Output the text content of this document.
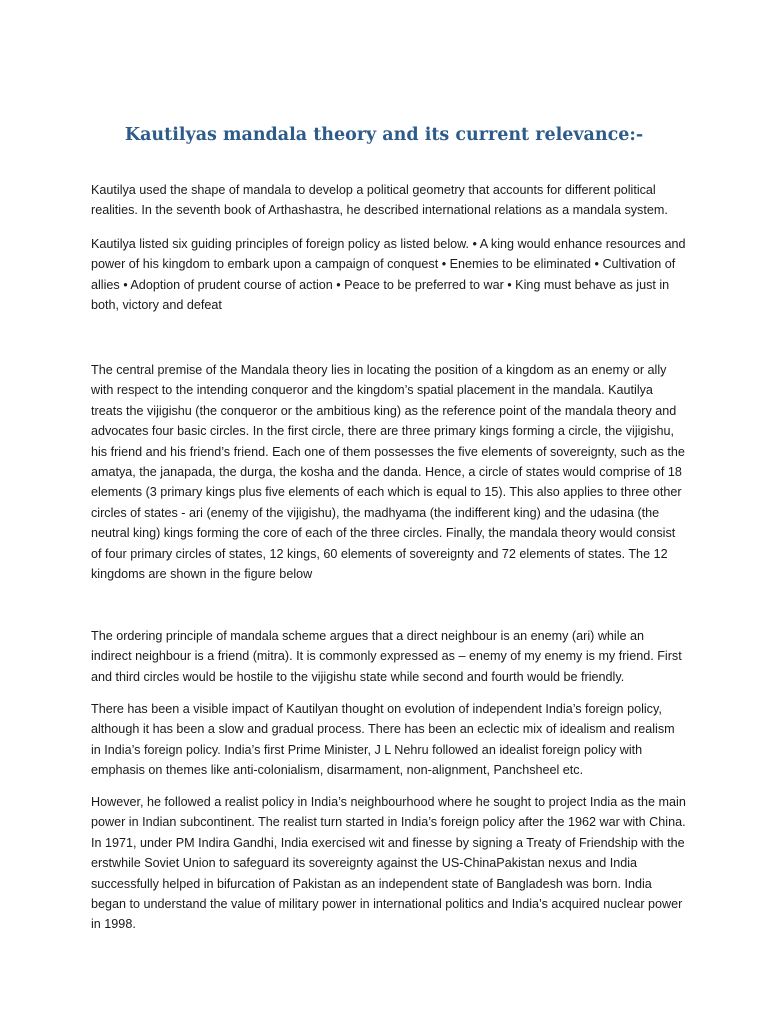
Kautilyas mandala theory and its current relevance:-

Kautilya used the shape of mandala to develop a political geometry that accounts for different political realities. In the seventh book of Arthashastra, he described international relations as a mandala system.

Kautilya listed six guiding principles of foreign policy as listed below. • A king would enhance resources and power of his kingdom to embark upon a campaign of conquest • Enemies to be eliminated • Cultivation of allies • Adoption of prudent course of action • Peace to be preferred to war • King must behave as just in both, victory and defeat

The central premise of the Mandala theory lies in locating the position of a kingdom as an enemy or ally with respect to the intending conqueror and the kingdom’s spatial placement in the mandala. Kautilya treats the vijigishu (the conqueror or the ambitious king) as the reference point of the mandala theory and advocates four basic circles. In the first circle, there are three primary kings forming a circle, the vijigishu, his friend and his friend’s friend. Each one of them possesses the five elements of sovereignty, such as the amatya, the janapada, the durga, the kosha and the danda. Hence, a circle of states would comprise of 18 elements (3 primary kings plus five elements of each which is equal to 15). This also applies to three other circles of states - ari (enemy of the vijigishu), the madhyama (the indifferent king) and the udasina (the neutral king) kings forming the core of each of the three circles. Finally, the mandala theory would consist of four primary circles of states, 12 kings, 60 elements of sovereignty and 72 elements of states. The 12 kingdoms are shown in the figure below

The ordering principle of mandala scheme argues that a direct neighbour is an enemy (ari) while an indirect neighbour is a friend (mitra). It is commonly expressed as – enemy of my enemy is my friend. First and third circles would be hostile to the vijigishu state while second and fourth would be friendly.

There has been a visible impact of Kautilyan thought on evolution of independent India’s foreign policy, although it has been a slow and gradual process. There has been an eclectic mix of idealism and realism in India’s foreign policy. India’s first Prime Minister, J L Nehru followed an idealist foreign policy with emphasis on themes like anti-colonialism, disarmament, non-alignment, Panchsheel etc.

However, he followed a realist policy in India’s neighbourhood where he sought to project India as the main power in Indian subcontinent. The realist turn started in India’s foreign policy after the 1962 war with China. In 1971, under PM Indira Gandhi, India exercised wit and finesse by signing a Treaty of Friendship with the erstwhile Soviet Union to safeguard its sovereignty against the US-ChinaPakistan nexus and India successfully helped in bifurcation of Pakistan as an independent state of Bangladesh was born. India began to understand the value of military power in international politics and India’s acquired nuclear power in 1998.
